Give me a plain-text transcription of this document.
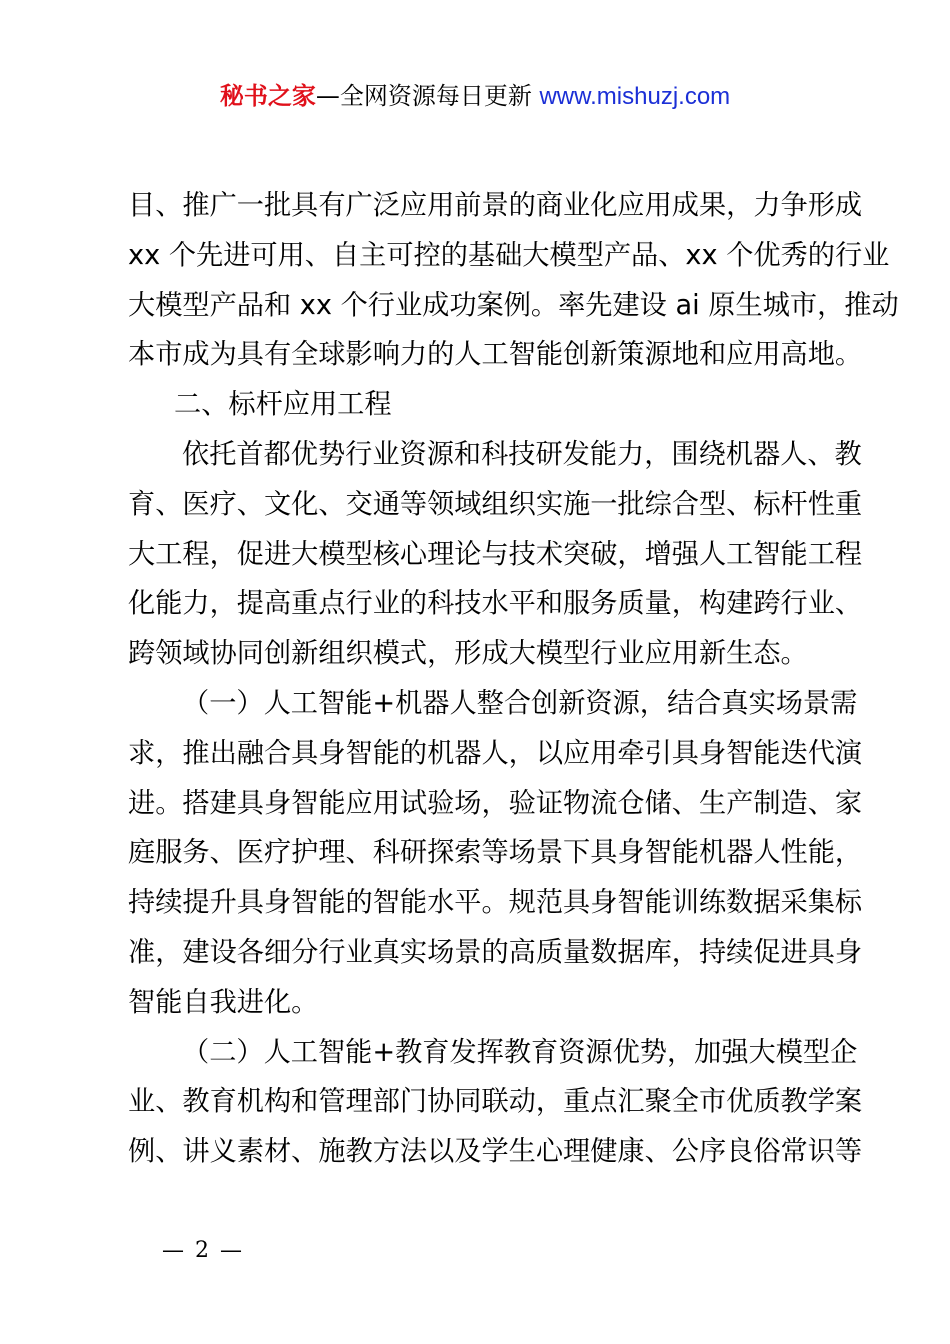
秘书之家—全网资源每日更新 www.mishuzj.com
目、推广一批具有广泛应用前景的商业化应用成果，力争形成
xx 个先进可用、自主可控的基础大模型产品、xx 个优秀的行业
大模型产品和 xx 个行业成功案例。率先建设 ai 原生城市，推动
本市成为具有全球影响力的人工智能创新策源地和应用高地。
二、标杆应用工程
依托首都优势行业资源和科技研发能力，围绕机器人、教
育、医疗、文化、交通等领域组织实施一批综合型、标杆性重
大工程，促进大模型核心理论与技术突破，增强人工智能工程
化能力，提高重点行业的科技水平和服务质量，构建跨行业、
跨领域协同创新组织模式，形成大模型行业应用新生态。
（一）人工智能+机器人整合创新资源，结合真实场景需
求，推出融合具身智能的机器人，以应用牵引具身智能迭代演
进。搭建具身智能应用试验场，验证物流仓储、生产制造、家
庭服务、医疗护理、科研探索等场景下具身智能机器人性能，
持续提升具身智能的智能水平。规范具身智能训练数据采集标
准，建设各细分行业真实场景的高质量数据库，持续促进具身
智能自我进化。
（二）人工智能+教育发挥教育资源优势，加强大模型企
业、教育机构和管理部门协同联动，重点汇聚全市优质教学案
例、讲义素材、施教方法以及学生心理健康、公序良俗常识等
— 2 —
